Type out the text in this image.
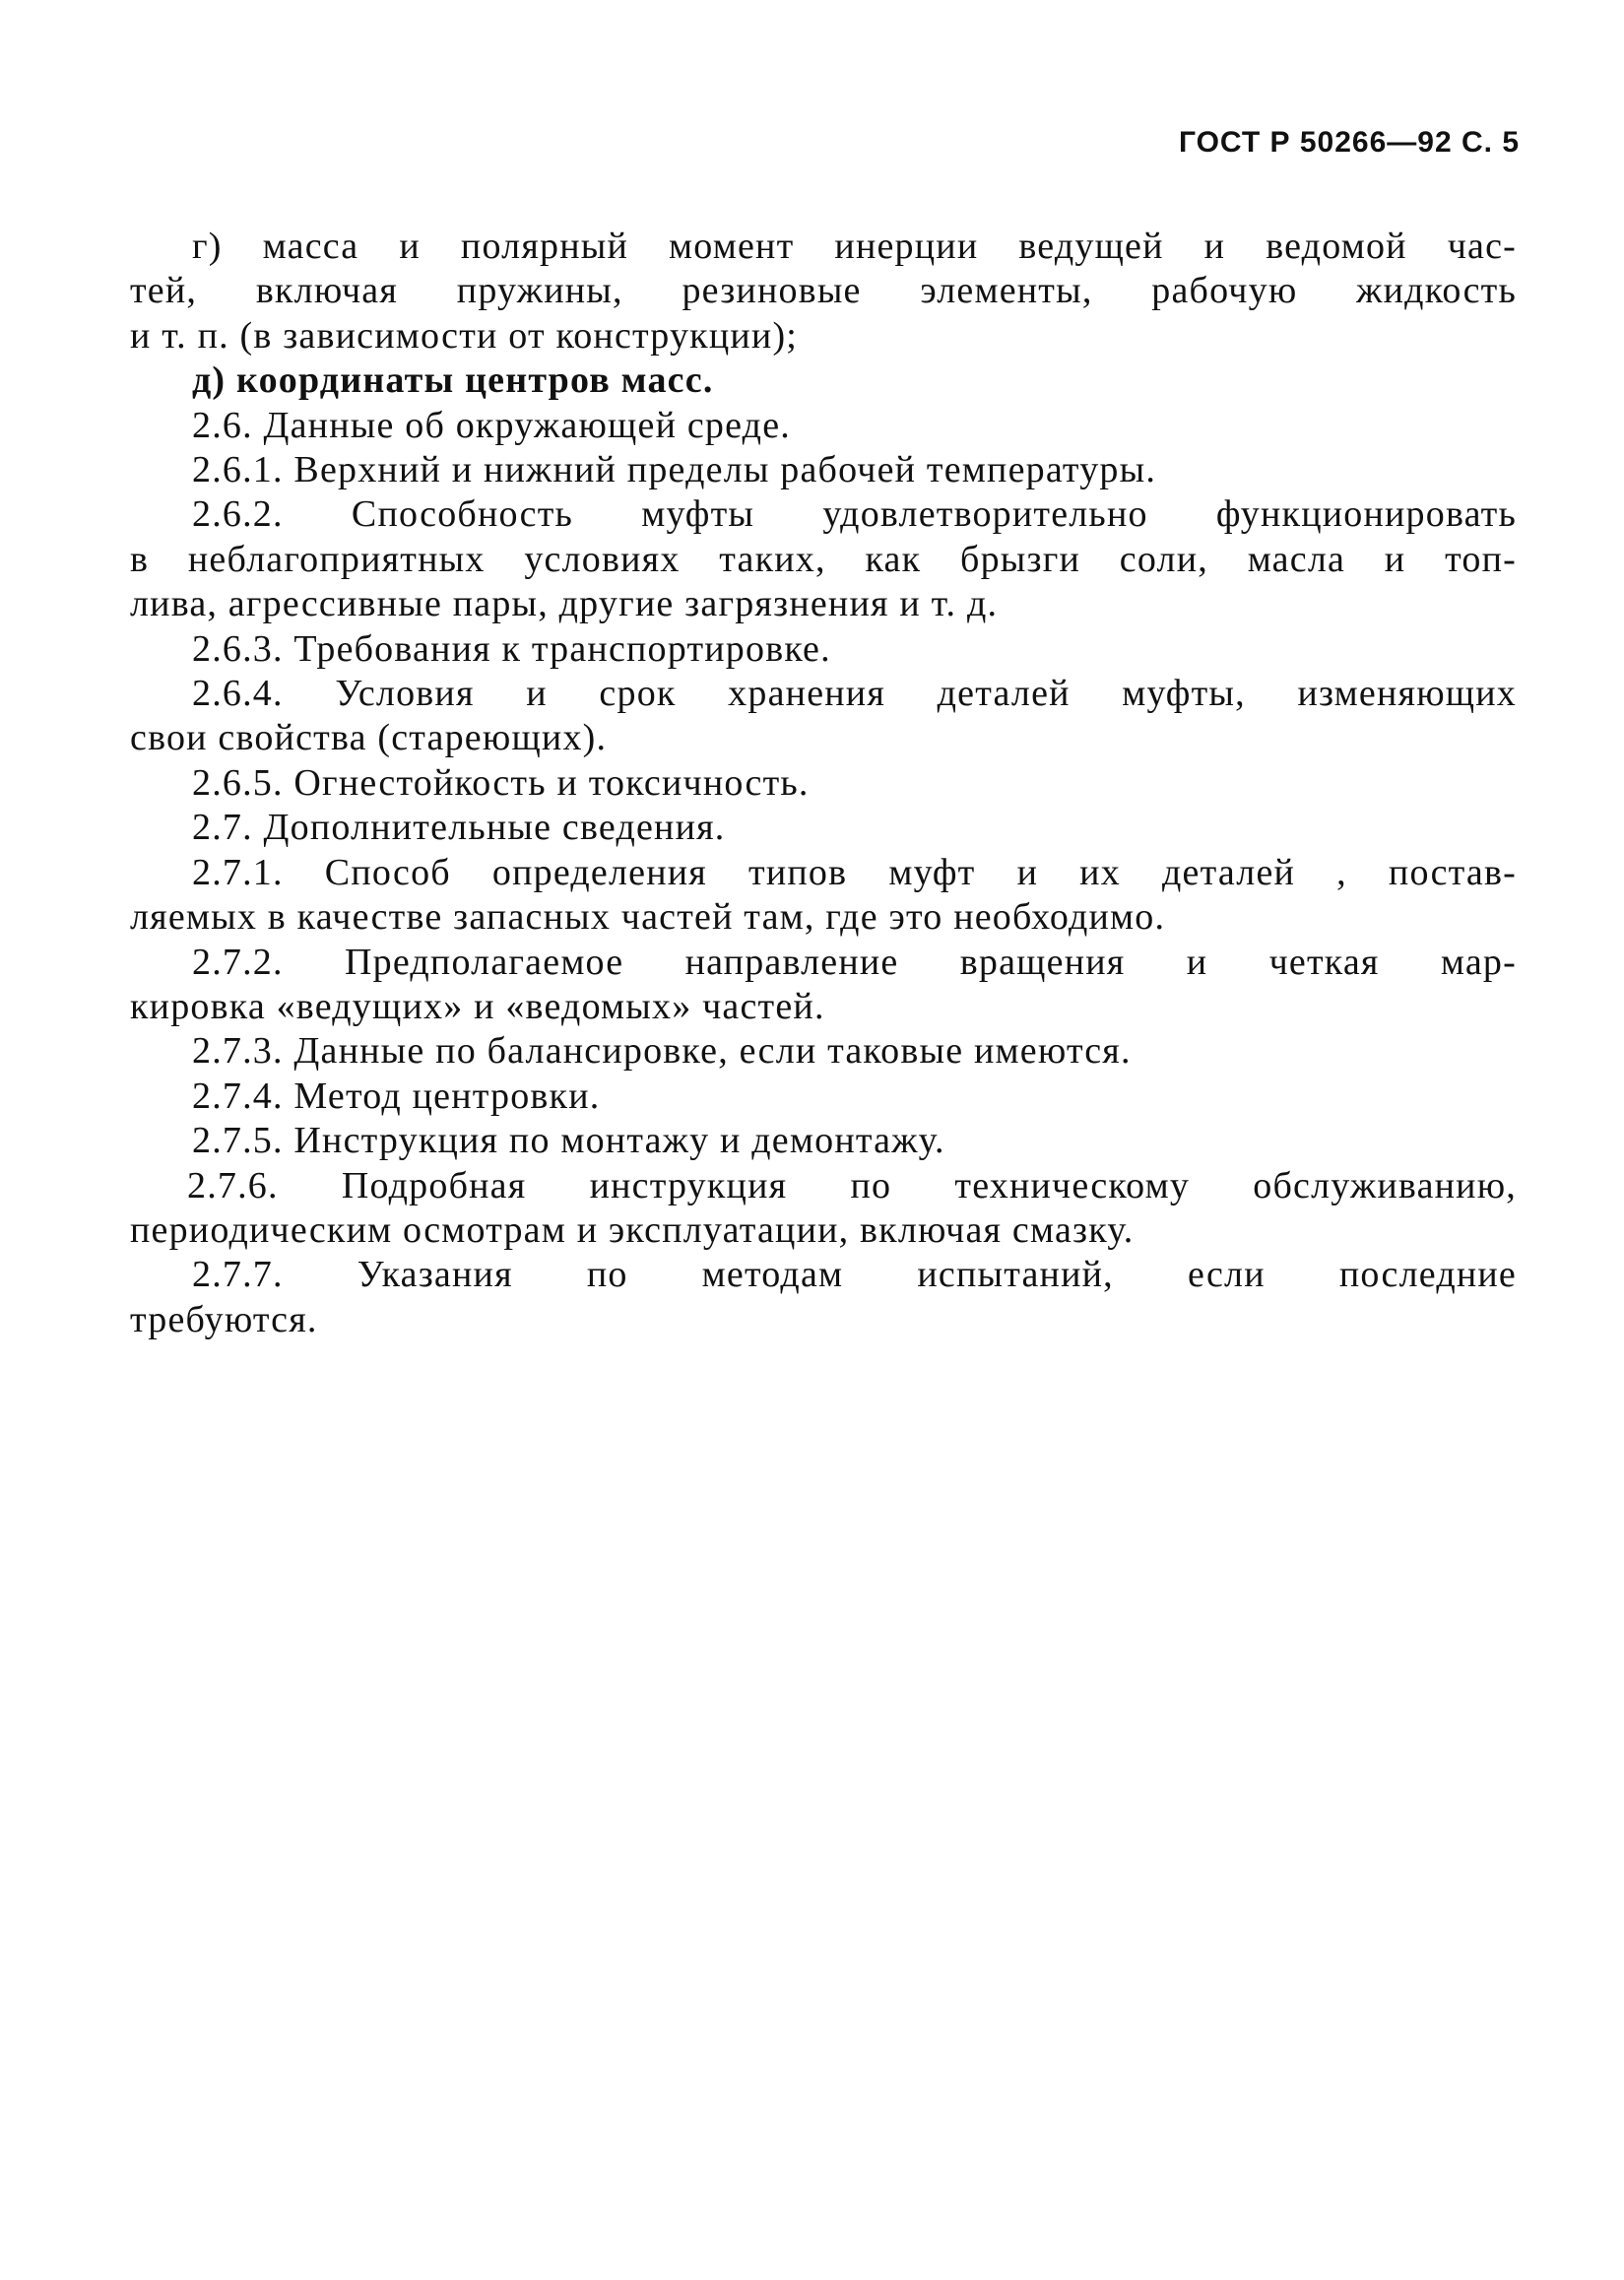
ГОСТ Р 50266—92 С. 5

г) масса и полярный момент инерции ведущей и ведомой час-

тей, включая пружины, резиновые элементы, рабочую жидкость

и т. п. (в зависимости от конструкции);

д) координаты центров масс.

2.6. Данные об окружающей среде.

2.6.1. Верхний и нижний пределы рабочей температуры.

2.6.2. Способность муфты удовлетворительно функционировать

в неблагоприятных условиях таких, как брызги соли, масла и топ-

лива, агрессивные пары, другие загрязнения и т. д.

2.6.3. Требования к транспортировке.

2.6.4. Условия и срок хранения деталей муфты, изменяющих

свои свойства (стареющих).

2.6.5. Огнестойкость и токсичность.

2.7. Дополнительные сведения.

2.7.1. Способ определения типов муфт и их деталей , постав-

ляемых в качестве запасных частей там, где это необходимо.

2.7.2. Предполагаемое направление вращения и четкая мар-

кировка «ведущих» и «ведомых» частей.

2.7.3. Данные по балансировке, если таковые имеются.

2.7.4. Метод центровки.

2.7.5. Инструкция по монтажу и демонтажу.

2.7.6. Подробная инструкция по техническому обслуживанию,

периодическим осмотрам и эксплуатации, включая смазку.

2.7.7. Указания по методам испытаний, если последние

требуются.
